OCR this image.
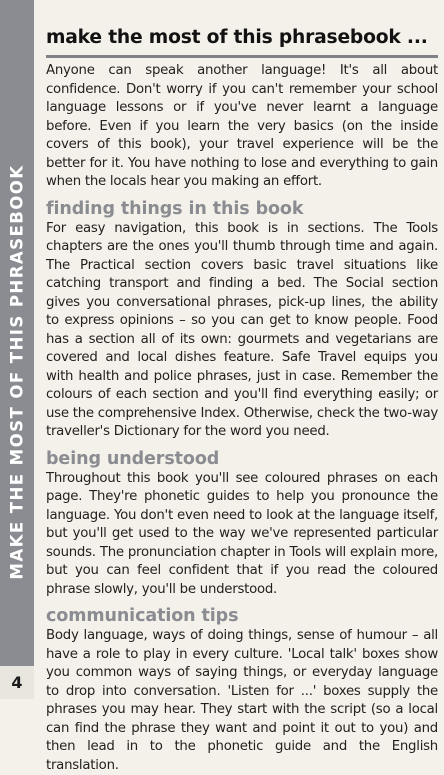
MAKE THE MOST OF THIS PHRASEBOOK
4
make the most of this phrasebook ...

Anyone can speak another language! It's all about confidence. Don't worry if you can't remember your school language lessons or if you've never learnt a language before. Even if you learn the very basics (on the inside covers of this book), your travel experience will be the better for it. You have nothing to lose and everything to gain when the locals hear you making an effort.

finding things in this book

For easy navigation, this book is in sections. The Tools chapters are the ones you'll thumb through time and again. The Practical section covers basic travel situations like catching transport and finding a bed. The Social section gives you conversational phrases, pick-up lines, the ability to express opinions – so you can get to know people. Food has a section all of its own: gourmets and vegetarians are covered and local dishes feature. Safe Travel equips you with health and police phrases, just in case. Remember the colours of each section and you'll find everything easily; or use the comprehensive Index. Otherwise, check the two-way traveller's Dictionary for the word you need.

being understood

Throughout this book you'll see coloured phrases on each page. They're phonetic guides to help you pronounce the language. You don't even need to look at the language itself, but you'll get used to the way we've represented particular sounds. The pronunciation chapter in Tools will explain more, but you can feel confident that if you read the coloured phrase slowly, you'll be understood.

communication tips

Body language, ways of doing things, sense of humour – all have a role to play in every culture. 'Local talk' boxes show you common ways of saying things, or everyday language to drop into conversation. 'Listen for ...' boxes supply the phrases you may hear. They start with the script (so a local can find the phrase they want and point it out to you) and then lead in to the phonetic guide and the English translation.
